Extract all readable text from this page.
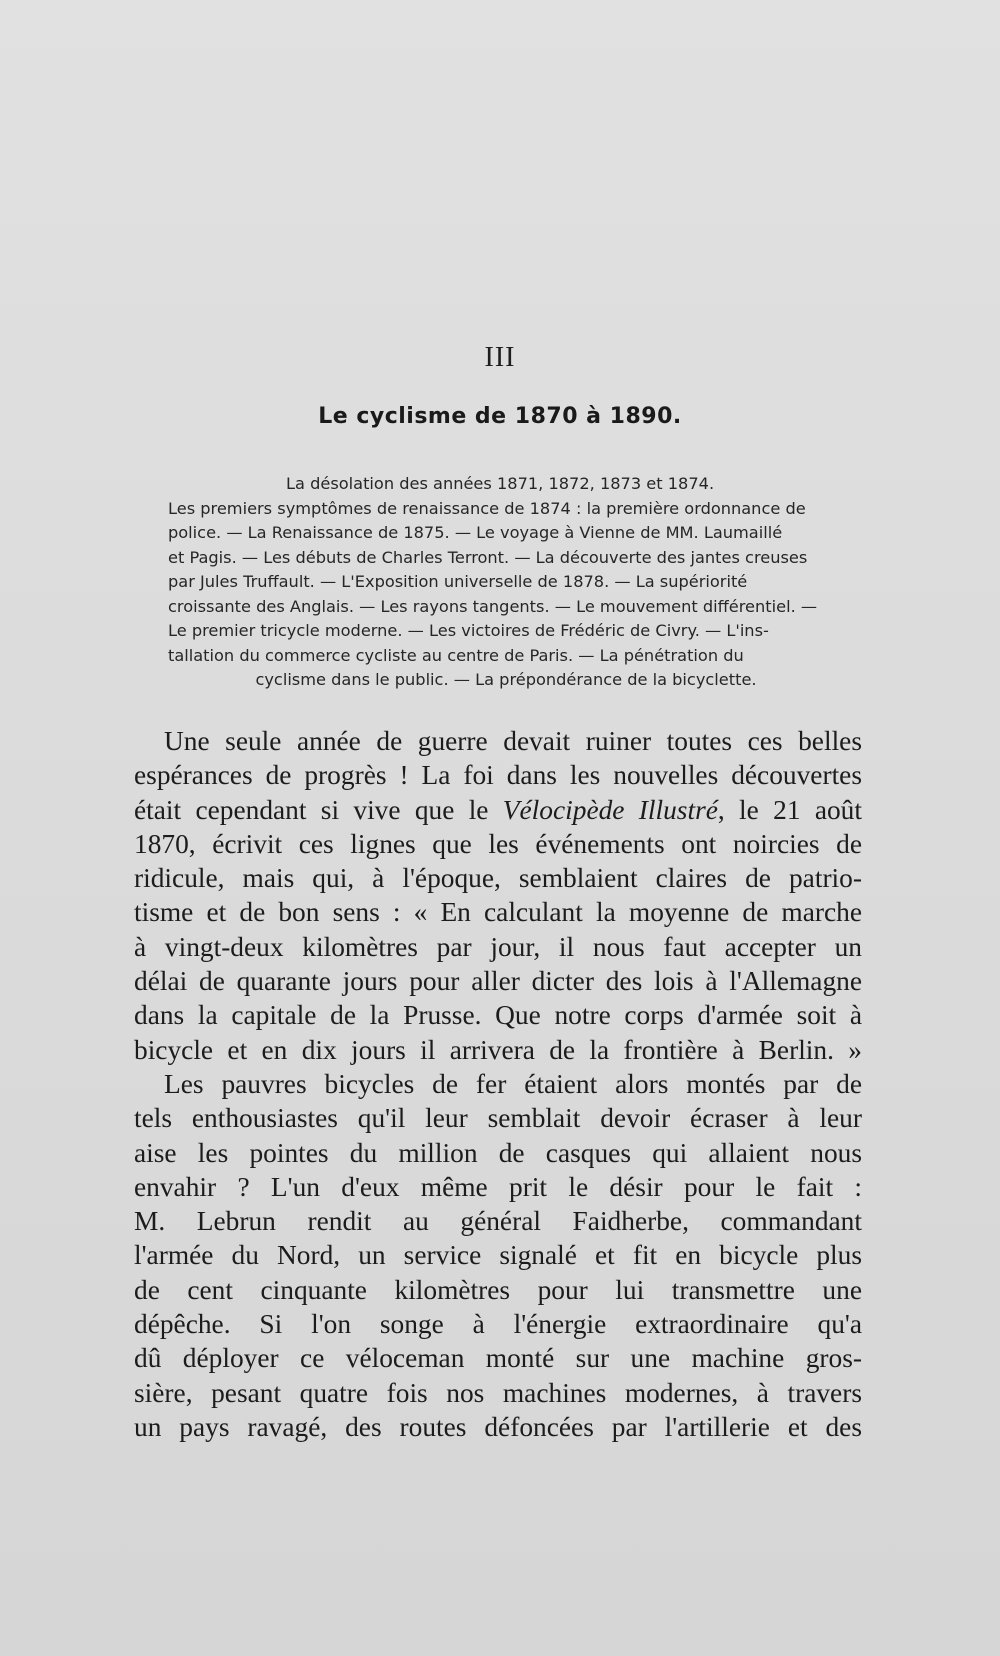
III
Le cyclisme de 1870 à 1890.
La désolation des années 1871, 1872, 1873 et 1874.
Les premiers symptômes de renaissance de 1874 : la première ordonnance de
police. — La Renaissance de 1875. — Le voyage à Vienne de MM. Laumaillé
et Pagis. — Les débuts de Charles Terront. — La découverte des jantes creuses
par Jules Truffault. — L'Exposition universelle de 1878. — La supériorité
croissante des Anglais. — Les rayons tangents. — Le mouvement différentiel. —
Le premier tricycle moderne. — Les victoires de Frédéric de Civry. — L'ins-
tallation du commerce cycliste au centre de Paris. — La pénétration du
cyclisme dans le public. — La prépondérance de la bicyclette.
Une seule année de guerre devait ruiner toutes ces belles
espérances de progrès ! La foi dans les nouvelles découvertes
était cependant si vive que le Vélocipède Illustré, le 21 août
1870, écrivit ces lignes que les événements ont noircies de
ridicule, mais qui, à l'époque, semblaient claires de patrio-
tisme et de bon sens : « En calculant la moyenne de marche
à vingt-deux kilomètres par jour, il nous faut accepter un
délai de quarante jours pour aller dicter des lois à l'Allemagne
dans la capitale de la Prusse. Que notre corps d'armée soit à
bicycle et en dix jours il arrivera de la frontière à Berlin. »
Les pauvres bicycles de fer étaient alors montés par de
tels enthousiastes qu'il leur semblait devoir écraser à leur
aise les pointes du million de casques qui allaient nous
envahir ? L'un d'eux même prit le désir pour le fait :
M. Lebrun rendit au général Faidherbe, commandant
l'armée du Nord, un service signalé et fit en bicycle plus
de cent cinquante kilomètres pour lui transmettre une
dépêche. Si l'on songe à l'énergie extraordinaire qu'a
dû déployer ce véloceman monté sur une machine gros-
sière, pesant quatre fois nos machines modernes, à travers
un pays ravagé, des routes défoncées par l'artillerie et des
